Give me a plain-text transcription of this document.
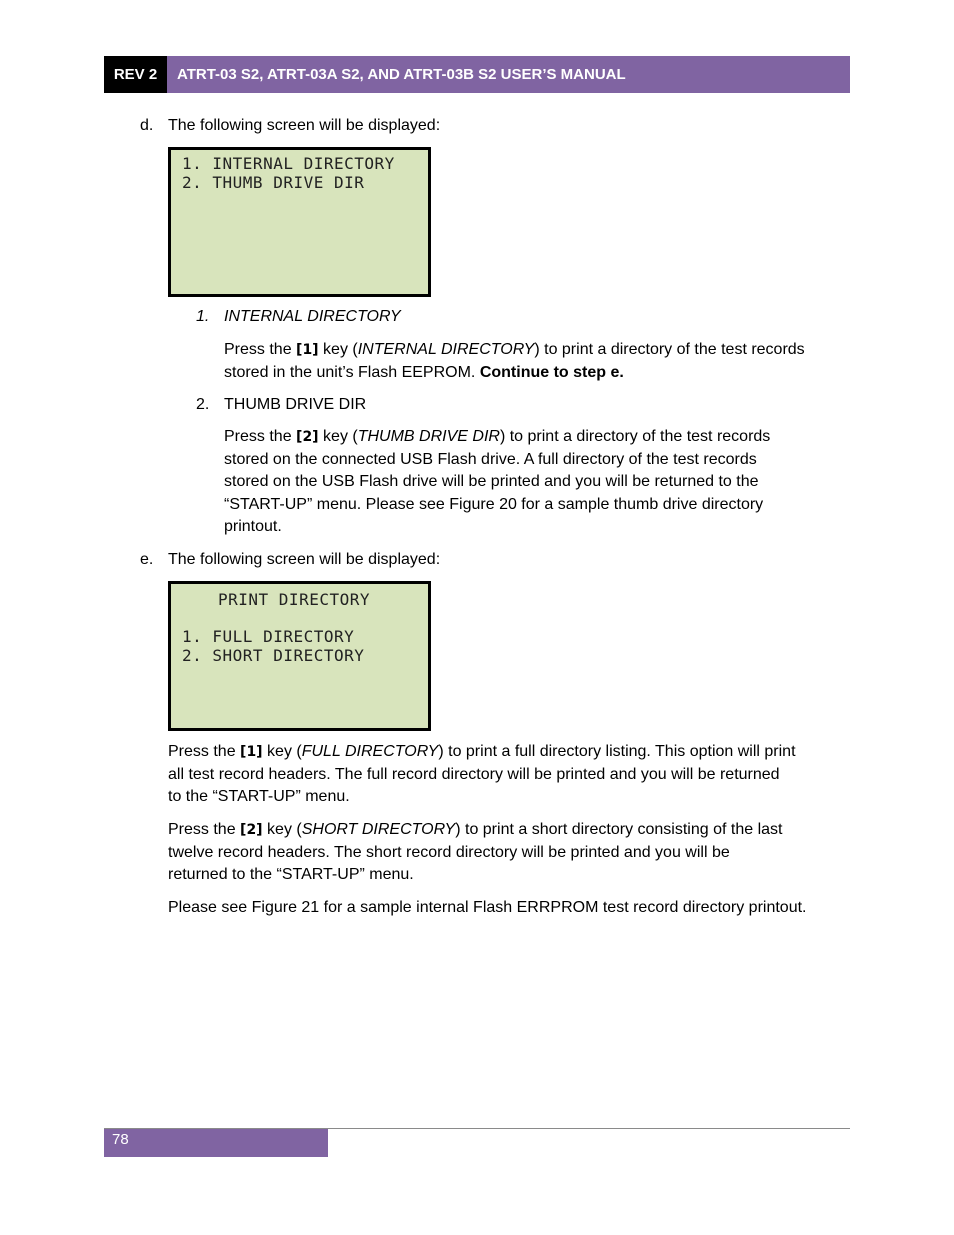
REV 2	ATRT-03 S2, ATRT-03A S2, AND ATRT-03B S2 USER’S MANUAL
d. The following screen will be displayed:
1. INTERNAL DIRECTORY
2. THUMB DRIVE DIR
1. INTERNAL DIRECTORY
Press the [1] key (INTERNAL DIRECTORY) to print a directory of the test records
stored in the unit’s Flash EEPROM. Continue to step e.
2. THUMB DRIVE DIR
Press the [2] key (THUMB DRIVE DIR) to print a directory of the test records
stored on the connected USB Flash drive. A full directory of the test records
stored on the USB Flash drive will be printed and you will be returned to the
“START-UP” menu. Please see Figure 20 for a sample thumb drive directory
printout.
e. The following screen will be displayed:
PRINT DIRECTORY
1. FULL DIRECTORY
2. SHORT DIRECTORY
Press the [1] key (FULL DIRECTORY) to print a full directory listing. This option will print
all test record headers. The full record directory will be printed and you will be returned
to the “START-UP” menu.
Press the [2] key (SHORT DIRECTORY) to print a short directory consisting of the last
twelve record headers. The short record directory will be printed and you will be
returned to the “START-UP” menu.
Please see Figure 21 for a sample internal Flash ERRPROM test record directory printout.
78
